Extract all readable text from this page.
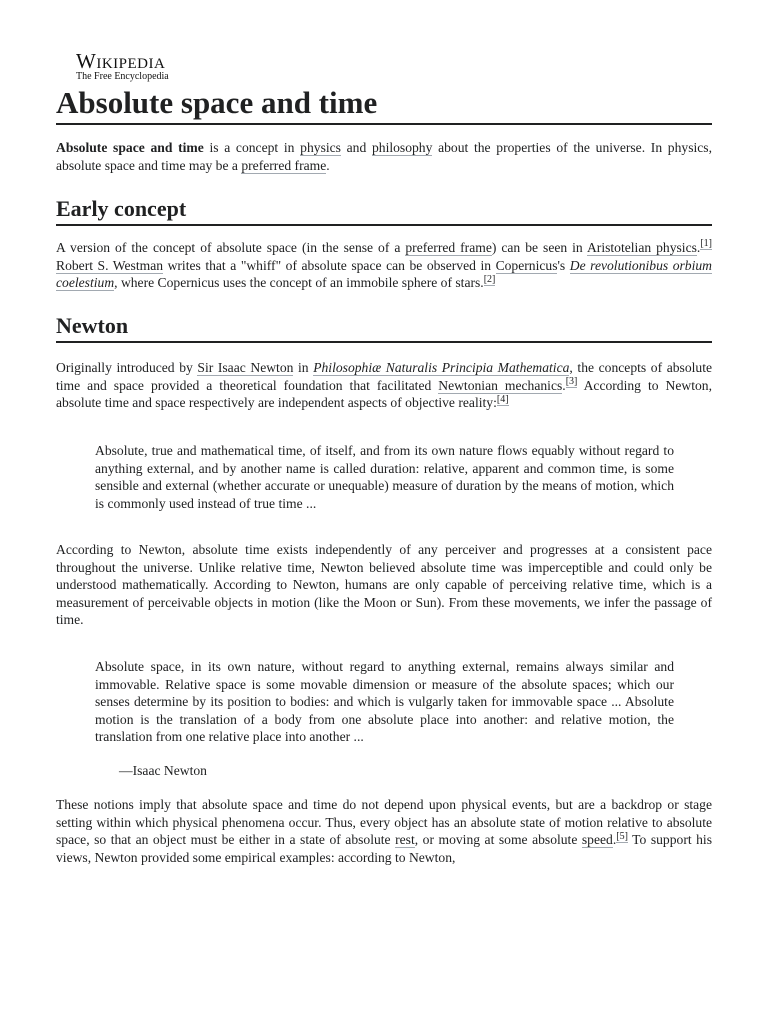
Wikipedia
The Free Encyclopedia
Absolute space and time

Absolute space and time is a concept in physics and philosophy about the properties of the universe. In physics, absolute space and time may be a preferred frame.

Early concept

A version of the concept of absolute space (in the sense of a preferred frame) can be seen in Aristotelian physics.[1] Robert S. Westman writes that a "whiff" of absolute space can be observed in Copernicus's De revolutionibus orbium coelestium, where Copernicus uses the concept of an immobile sphere of stars.[2]

Newton

Originally introduced by Sir Isaac Newton in Philosophiæ Naturalis Principia Mathematica, the concepts of absolute time and space provided a theoretical foundation that facilitated Newtonian mechanics.[3] According to Newton, absolute time and space respectively are independent aspects of objective reality:[4]

Absolute, true and mathematical time, of itself, and from its own nature flows equably without regard to anything external, and by another name is called duration: relative, apparent and common time, is some sensible and external (whether accurate or unequable) measure of duration by the means of motion, which is commonly used instead of true time ...

According to Newton, absolute time exists independently of any perceiver and progresses at a consistent pace throughout the universe. Unlike relative time, Newton believed absolute time was imperceptible and could only be understood mathematically. According to Newton, humans are only capable of perceiving relative time, which is a measurement of perceivable objects in motion (like the Moon or Sun). From these movements, we infer the passage of time.

Absolute space, in its own nature, without regard to anything external, remains always similar and immovable. Relative space is some movable dimension or measure of the absolute spaces; which our senses determine by its position to bodies: and which is vulgarly taken for immovable space ... Absolute motion is the translation of a body from one absolute place into another: and relative motion, the translation from one relative place into another ...

—Isaac Newton

These notions imply that absolute space and time do not depend upon physical events, but are a backdrop or stage setting within which physical phenomena occur. Thus, every object has an absolute state of motion relative to absolute space, so that an object must be either in a state of absolute rest, or moving at some absolute speed.[5] To support his views, Newton provided some empirical examples: according to Newton,
